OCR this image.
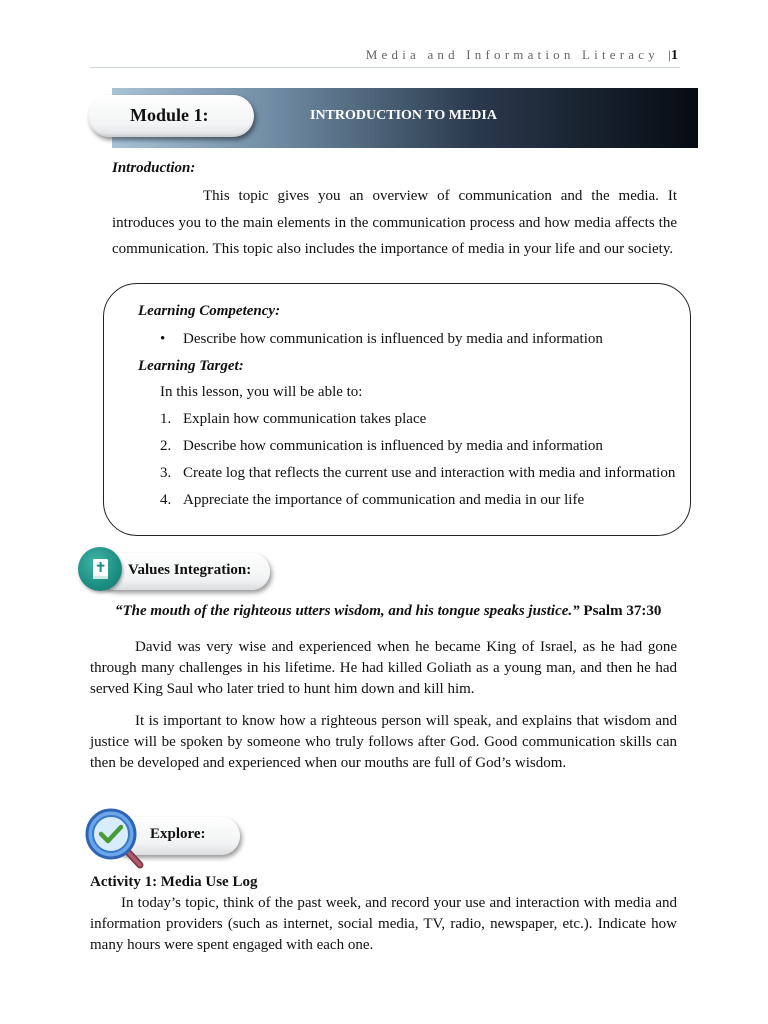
Media and Information Literacy |1
INTRODUCTION TO MEDIA
Module 1:
Introduction:
This topic gives you an overview of communication and the media. It introduces you to the main elements in the communication process and how media affects the communication. This topic also includes the importance of media in your life and our society.
Learning Competency:
• Describe how communication is influenced by media and information
Learning Target:
In this lesson, you will be able to:
1. Explain how communication takes place
2. Describe how communication is influenced by media and information
3. Create log that reflects the current use and interaction with media and information
4. Appreciate the importance of communication and media in our life
Values Integration:
“The mouth of the righteous utters wisdom, and his tongue speaks justice.” Psalm 37:30
David was very wise and experienced when he became King of Israel, as he had gone through many challenges in his lifetime. He had killed Goliath as a young man, and then he had served King Saul who later tried to hunt him down and kill him.
It is important to know how a righteous person will speak, and explains that wisdom and justice will be spoken by someone who truly follows after God. Good communication skills can then be developed and experienced when our mouths are full of God’s wisdom.
Explore:
Activity 1: Media Use Log
In today’s topic, think of the past week, and record your use and interaction with media and information providers (such as internet, social media, TV, radio, newspaper, etc.). Indicate how many hours were spent engaged with each one.
